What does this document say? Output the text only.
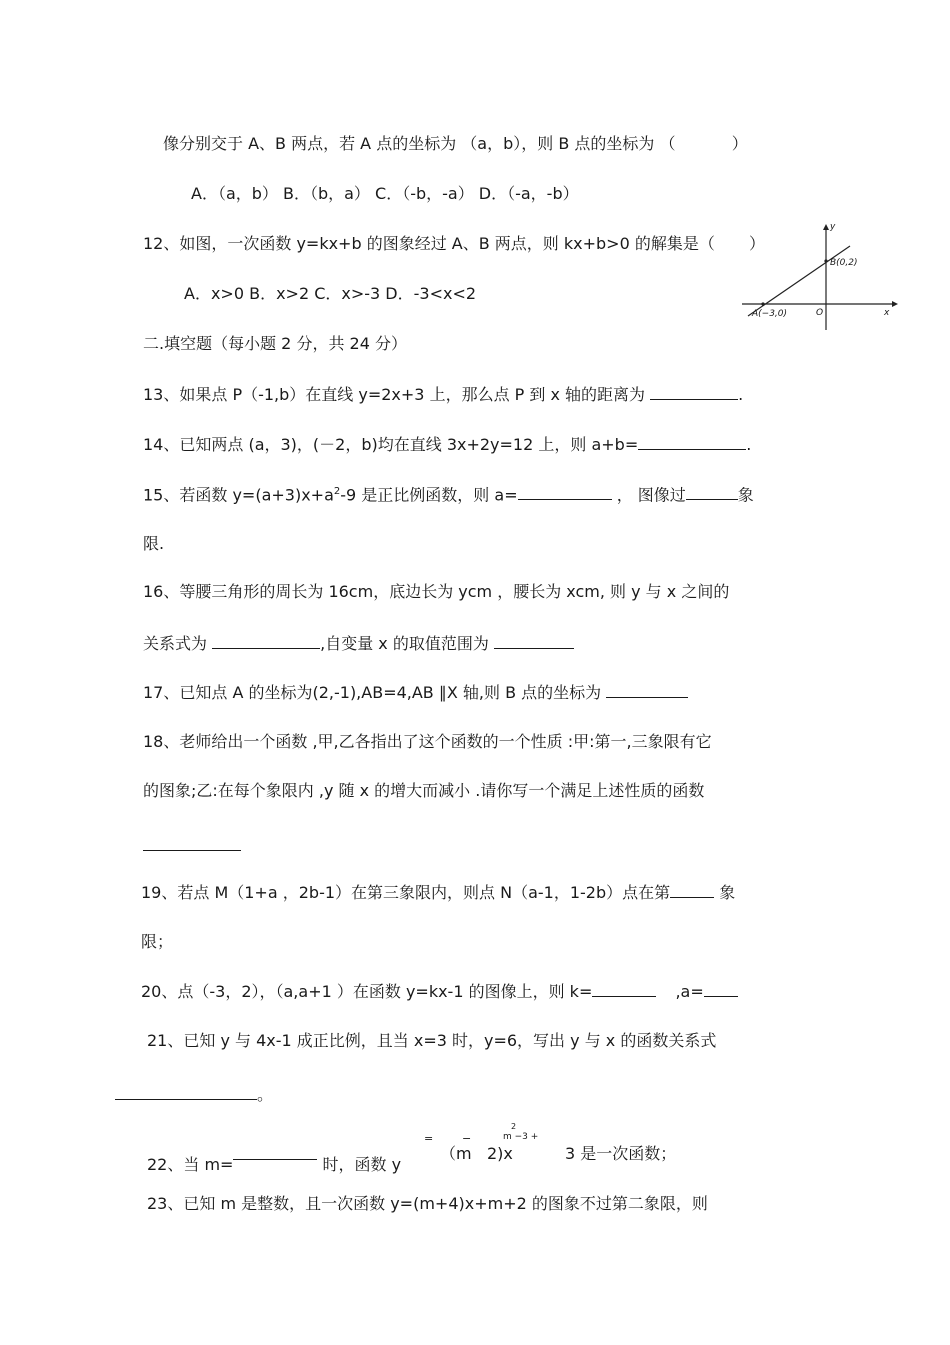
像分别交于 A、B 两点，若 A 点的坐标为 （a，b），则 B 点的坐标为 （	）
A．（a，b） B．（b，a） C．（-b，-a） D．（-a，-b）
12、如图，一次函数 y=kx+b 的图象经过 A、B 两点，则 kx+b>0 的解集是（ ）
A．x>0 B．x>2 C．x>-3 D．-3<x<2
y
x
B(0,2)
A(−3,0)	O
二.填空题（每小题 2 分，共 24 分）
13、如果点 P（-1,b）在直线 y=2x+3 上，那么点 P 到 x 轴的距离为	.
14、已知两点 (a，3)，(－2，b)均在直线 3x+2y=12 上，则 a+b=	.
15、若函数 $y=(a+3)x+a^2-9$ 是正比例函数，则 a=	， 图像过	象
限.
16、等腰三角形的周长为 16cm，底边长为 ycm ，腰长为 xcm, 则 y 与 x 之间的
关系式为	,自变量 x 的取值范围为
17、已知点 A 的坐标为(2,-1),AB=4,AB ∥X 轴,则 B 点的坐标为
18、老师给出一个函数 ,甲,乙各指出了这个函数的一个性质 :甲:第一,三象限有它
的图象;乙:在每个象限内 ,y 随 x 的增大而减小 .请你写一个满足上述性质的函数
19、若点 M（1+a ，2b-1）在第三象限内，则点 N（a-1，1-2b）点在第	象
限；
20、点（-3，2），（a,a+1 ）在函数 y=kx-1 的图像上，则 k=	,a=
21、已知 y 与 4x-1 成正比例，且当 x=3 时，y=6，写出 y 与 x 的函数关系式
。
22、当 m=	时，函数 y
=
（m
−
2)x
2
m −3 +
3 是一次函数；
23、已知 m 是整数，且一次函数 y=(m+4)x+m+2 的图象不过第二象限，则
